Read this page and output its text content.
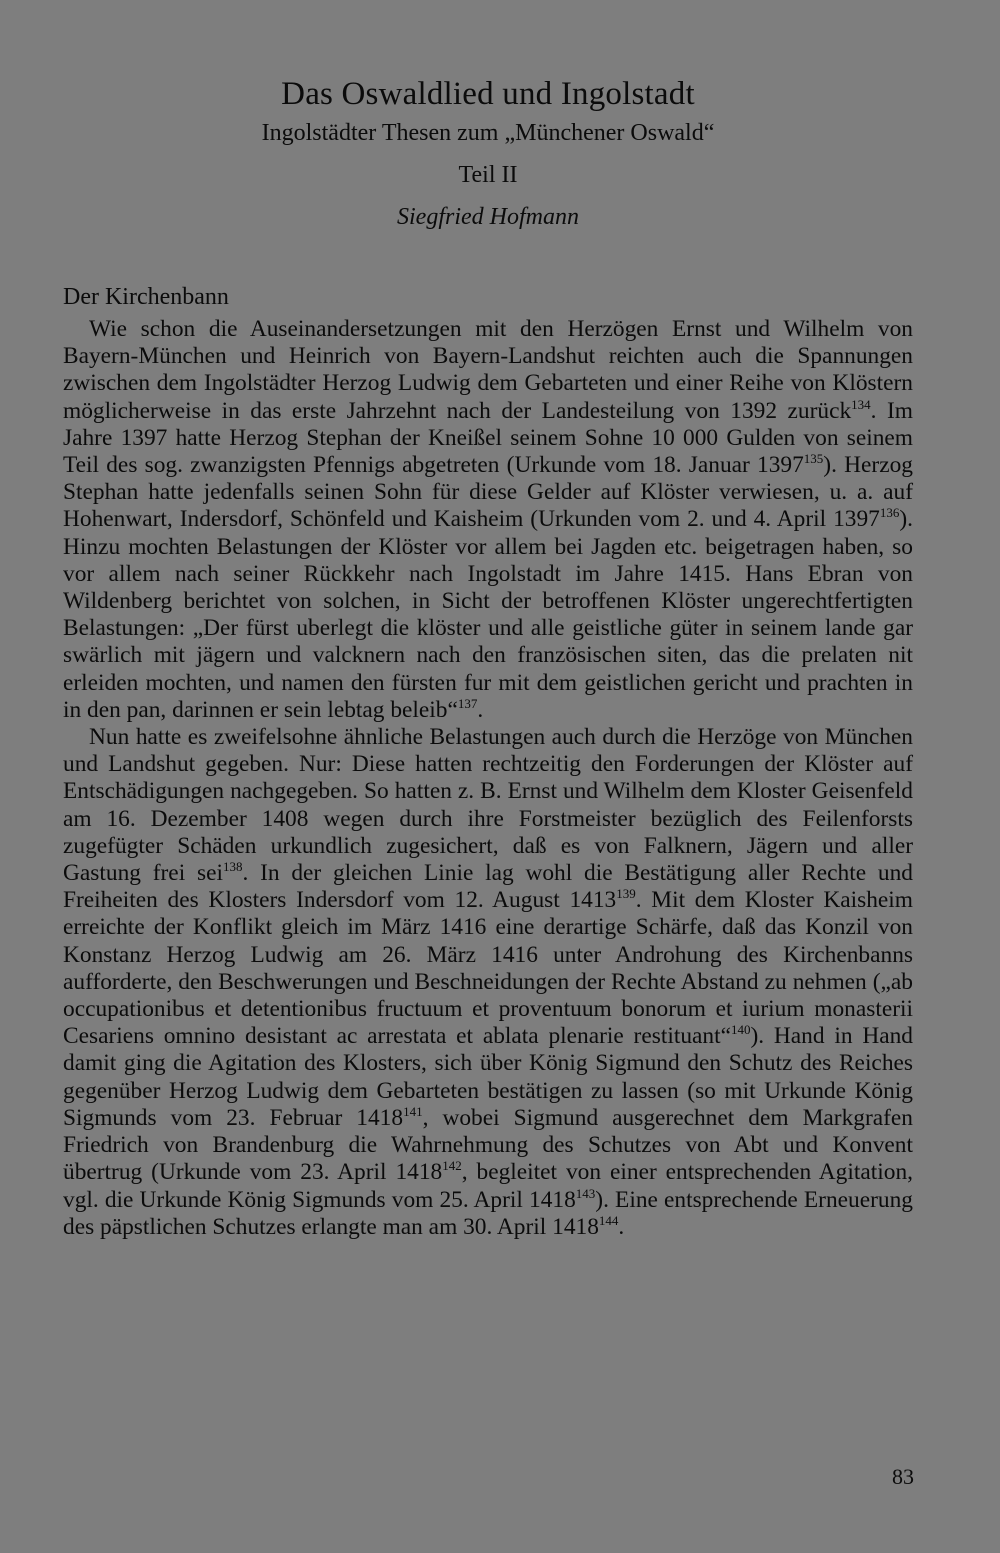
Das Oswaldlied und Ingolstadt
Ingolstädter Thesen zum „Münchener Oswald“
Teil II
Siegfried Hofmann
Der Kirchenbann

Wie schon die Auseinandersetzungen mit den Herzögen Ernst und Wilhelm von Bayern-München und Heinrich von Bayern-Landshut reichten auch die Spannungen zwischen dem Ingolstädter Herzog Ludwig dem Gebarteten und einer Reihe von Klöstern möglicherweise in das erste Jahrzehnt nach der Landesteilung von 1392 zurück$^{134}$. Im Jahre 1397 hatte Herzog Stephan der Kneißel seinem Sohne 10 000 Gulden von seinem Teil des sog. zwanzigsten Pfennigs abgetreten (Urkunde vom 18. Januar 1397$^{135}$). Herzog Stephan hatte jedenfalls seinen Sohn für diese Gelder auf Klöster verwiesen, u. a. auf Hohenwart, Indersdorf, Schönfeld und Kaisheim (Urkunden vom 2. und 4. April 1397$^{136}$). Hinzu mochten Belastungen der Klöster vor allem bei Jagden etc. beigetragen haben, so vor allem nach seiner Rückkehr nach Ingolstadt im Jahre 1415. Hans Ebran von Wildenberg berichtet von solchen, in Sicht der betroffenen Klöster ungerechtfertigten Belastungen: „Der fürst uberlegt die klöster und alle geistliche güter in seinem lande gar swärlich mit jägern und valcknern nach den französischen siten, das die prelaten nit erleiden mochten, und namen den fürsten fur mit dem geistlichen gericht und prachten in in den pan, darinnen er sein lebtag beleib“$^{137}$.

Nun hatte es zweifelsohne ähnliche Belastungen auch durch die Herzöge von München und Landshut gegeben. Nur: Diese hatten rechtzeitig den Forderungen der Klöster auf Entschädigungen nachgegeben. So hatten z. B. Ernst und Wilhelm dem Kloster Geisenfeld am 16. Dezember 1408 wegen durch ihre Forstmeister bezüglich des Feilenforsts zugefügter Schäden urkundlich zugesichert, daß es von Falknern, Jägern und aller Gastung frei sei$^{138}$. In der gleichen Linie lag wohl die Bestätigung aller Rechte und Freiheiten des Klosters Indersdorf vom 12. August 1413$^{139}$. Mit dem Kloster Kaisheim erreichte der Konflikt gleich im März 1416 eine derartige Schärfe, daß das Konzil von Konstanz Herzog Ludwig am 26. März 1416 unter Androhung des Kirchenbanns aufforderte, den Beschwerungen und Beschneidungen der Rechte Abstand zu nehmen („ab occupationibus et detentionibus fructuum et proventuum bonorum et iurium monasterii Cesariens omnino desistant ac arrestata et ablata plenarie restituant“$^{140}$). Hand in Hand damit ging die Agitation des Klosters, sich über König Sigmund den Schutz des Reiches gegenüber Herzog Ludwig dem Gebarteten bestätigen zu lassen (so mit Urkunde König Sigmunds vom 23. Februar 1418$^{141}$, wobei Sigmund ausgerechnet dem Markgrafen Friedrich von Brandenburg die Wahrnehmung des Schutzes von Abt und Konvent übertrug (Urkunde vom 23. April 1418$^{142}$, begleitet von einer entsprechenden Agitation, vgl. die Urkunde König Sigmunds vom 25. April 1418$^{143}$). Eine entsprechende Erneuerung des päpstlichen Schutzes erlangte man am 30. April 1418$^{144}$.

83
